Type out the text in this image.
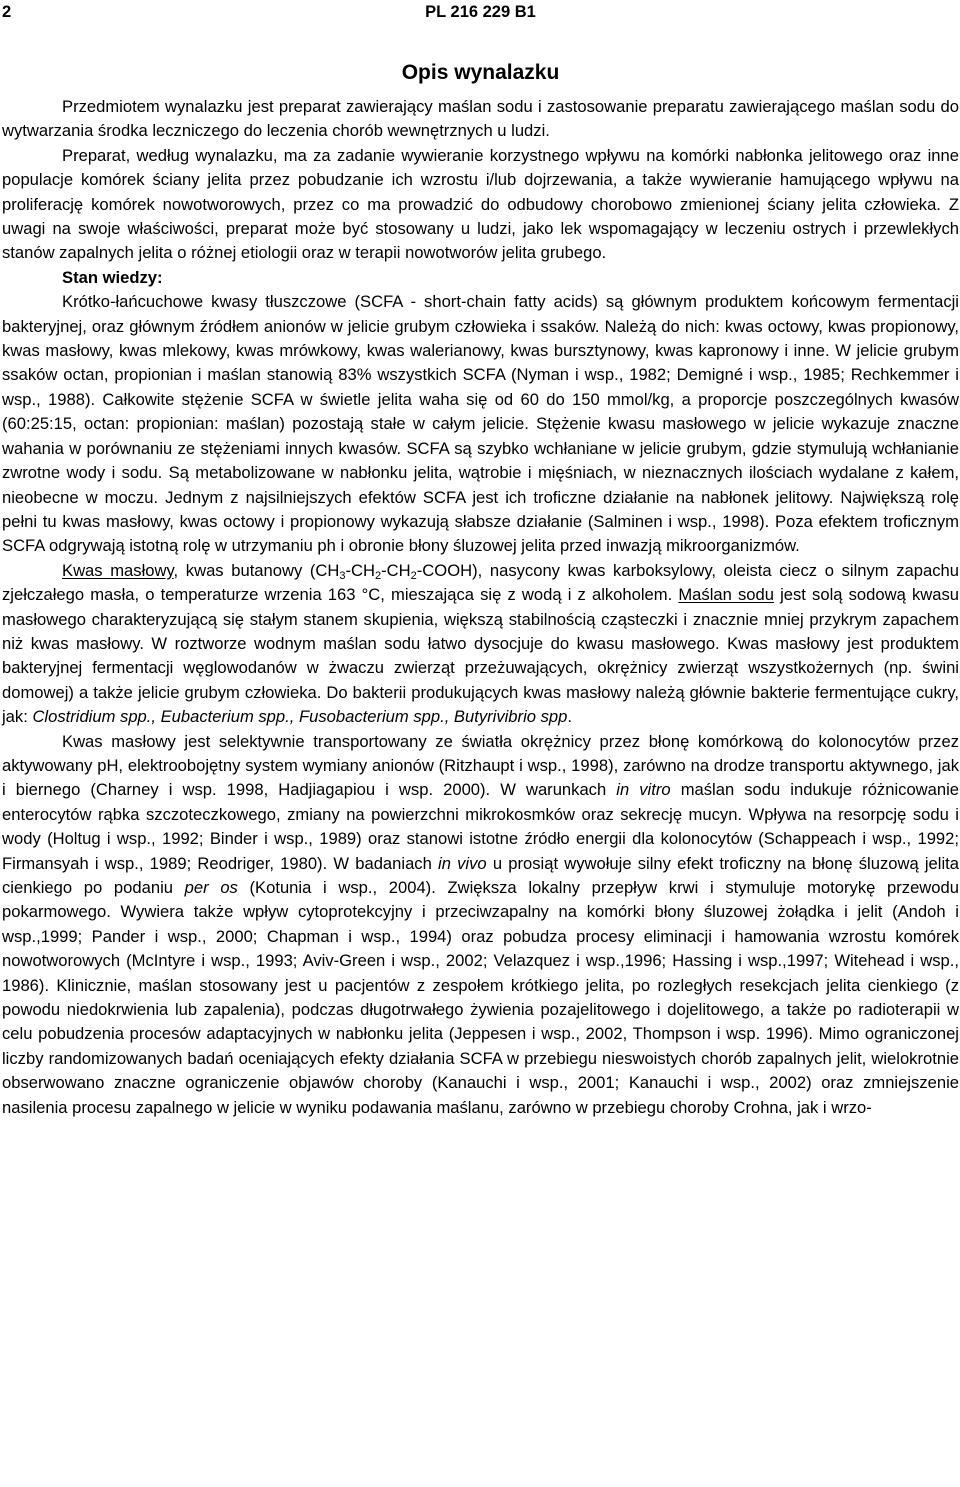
2	PL 216 229 B1
Opis wynalazku

Przedmiotem wynalazku jest preparat zawierający maślan sodu i zastosowanie preparatu zawierającego maślan sodu do wytwarzania środka leczniczego do leczenia chorób wewnętrznych u ludzi.

Preparat, według wynalazku, ma za zadanie wywieranie korzystnego wpływu na komórki nabłonka jelitowego oraz inne populacje komórek ściany jelita przez pobudzanie ich wzrostu i/lub dojrzewania, a także wywieranie hamującego wpływu na proliferację komórek nowotworowych, przez co ma prowadzić do odbudowy chorobowo zmienionej ściany jelita człowieka. Z uwagi na swoje właściwości, preparat może być stosowany u ludzi, jako lek wspomagający w leczeniu ostrych i przewlekłych stanów zapalnych jelita o różnej etiologii oraz w terapii nowotworów jelita grubego.

Stan wiedzy:

Krótko-łańcuchowe kwasy tłuszczowe (SCFA - short-chain fatty acids) są głównym produktem końcowym fermentacji bakteryjnej, oraz głównym źródłem anionów w jelicie grubym człowieka i ssaków. Należą do nich: kwas octowy, kwas propionowy, kwas masłowy, kwas mlekowy, kwas mrówkowy, kwas walerianowy, kwas bursztynowy, kwas kapronowy i inne. W jelicie grubym ssaków octan, propionian i maślan stanowią 83% wszystkich SCFA (Nyman i wsp., 1982; Demigné i wsp., 1985; Rechkemmer i wsp., 1988). Całkowite stężenie SCFA w świetle jelita waha się od 60 do 150 mmol/kg, a proporcje poszczególnych kwasów (60:25:15, octan: propionian: maślan) pozostają stałe w całym jelicie. Stężenie kwasu masłowego w jelicie wykazuje znaczne wahania w porównaniu ze stężeniami innych kwasów. SCFA są szybko wchłaniane w jelicie grubym, gdzie stymulują wchłanianie zwrotne wody i sodu. Są metabolizowane w nabłonku jelita, wątrobie i mięśniach, w nieznacznych ilościach wydalane z kałem, nieobecne w moczu. Jednym z najsilniejszych efektów SCFA jest ich troficzne działanie na nabłonek jelitowy. Największą rolę pełni tu kwas masłowy, kwas octowy i propionowy wykazują słabsze działanie (Salminen i wsp., 1998). Poza efektem troficznym SCFA odgrywają istotną rolę w utrzymaniu ph i obronie błony śluzowej jelita przed inwazją mikroorganizmów.

Kwas masłowy, kwas butanowy $(CH_3-CH_2-CH_2-COOH)$, nasycony kwas karboksylowy, oleista ciecz o silnym zapachu zjełczałego masła, o temperaturze wrzenia 163 °C, mieszająca się z wodą i z alkoholem. Maślan sodu jest solą sodową kwasu masłowego charakteryzującą się stałym stanem skupienia, większą stabilnością cząsteczki i znacznie mniej przykrym zapachem niż kwas masłowy. W roztworze wodnym maślan sodu łatwo dysocjuje do kwasu masłowego. Kwas masłowy jest produktem bakteryjnej fermentacji węglowodanów w żwaczu zwierząt przeżuwających, okrężnicy zwierząt wszystkożernych (np. świni domowej) a także jelicie grubym człowieka. Do bakterii produkujących kwas masłowy należą głównie bakterie fermentujące cukry, jak: Clostridium spp., Eubacterium spp., Fusobacterium spp., Butyrivibrio spp.

Kwas masłowy jest selektywnie transportowany ze światła okrężnicy przez błonę komórkową do kolonocytów przez aktywowany pH, elektroobojętny system wymiany anionów (Ritzhaupt i wsp., 1998), zarówno na drodze transportu aktywnego, jak i biernego (Charney i wsp. 1998, Hadjiagapiou i wsp. 2000). W warunkach in vitro maślan sodu indukuje różnicowanie enterocytów rąbka szczoteczkowego, zmiany na powierzchni mikrokosmków oraz sekrecję mucyn. Wpływa na resorpcję sodu i wody (Holtug i wsp., 1992; Binder i wsp., 1989) oraz stanowi istotne źródło energii dla kolonocytów (Schappeach i wsp., 1992; Firmansyah i wsp., 1989; Reodriger, 1980). W badaniach in vivo u prosiąt wywołuje silny efekt troficzny na błonę śluzową jelita cienkiego po podaniu per os (Kotunia i wsp., 2004). Zwiększa lokalny przepływ krwi i stymuluje motorykę przewodu pokarmowego. Wywiera także wpływ cytoprotekcyjny i przeciwzapalny na komórki błony śluzowej żołądka i jelit (Andoh i wsp.,1999; Pander i wsp., 2000; Chapman i wsp., 1994) oraz pobudza procesy eliminacji i hamowania wzrostu komórek nowotworowych (McIntyre i wsp., 1993; Aviv-Green i wsp., 2002; Velazquez i wsp.,1996; Hassing i wsp.,1997; Witehead i wsp., 1986). Klinicznie, maślan stosowany jest u pacjentów z zespołem krótkiego jelita, po rozległych resekcjach jelita cienkiego (z powodu niedokrwienia lub zapalenia), podczas długotrwałego żywienia pozajelitowego i dojelitowego, a także po radioterapii w celu pobudzenia procesów adaptacyjnych w nabłonku jelita (Jeppesen i wsp., 2002, Thompson i wsp. 1996). Mimo ograniczonej liczby randomizowanych badań oceniających efekty działania SCFA w przebiegu nieswoistych chorób zapalnych jelit, wielokrotnie obserwowano znaczne ograniczenie objawów choroby (Kanauchi i wsp., 2001; Kanauchi i wsp., 2002) oraz zmniejszenie nasilenia procesu zapalnego w jelicie w wyniku podawania maślanu, zarówno w przebiegu choroby Crohna, jak i wrzo-
